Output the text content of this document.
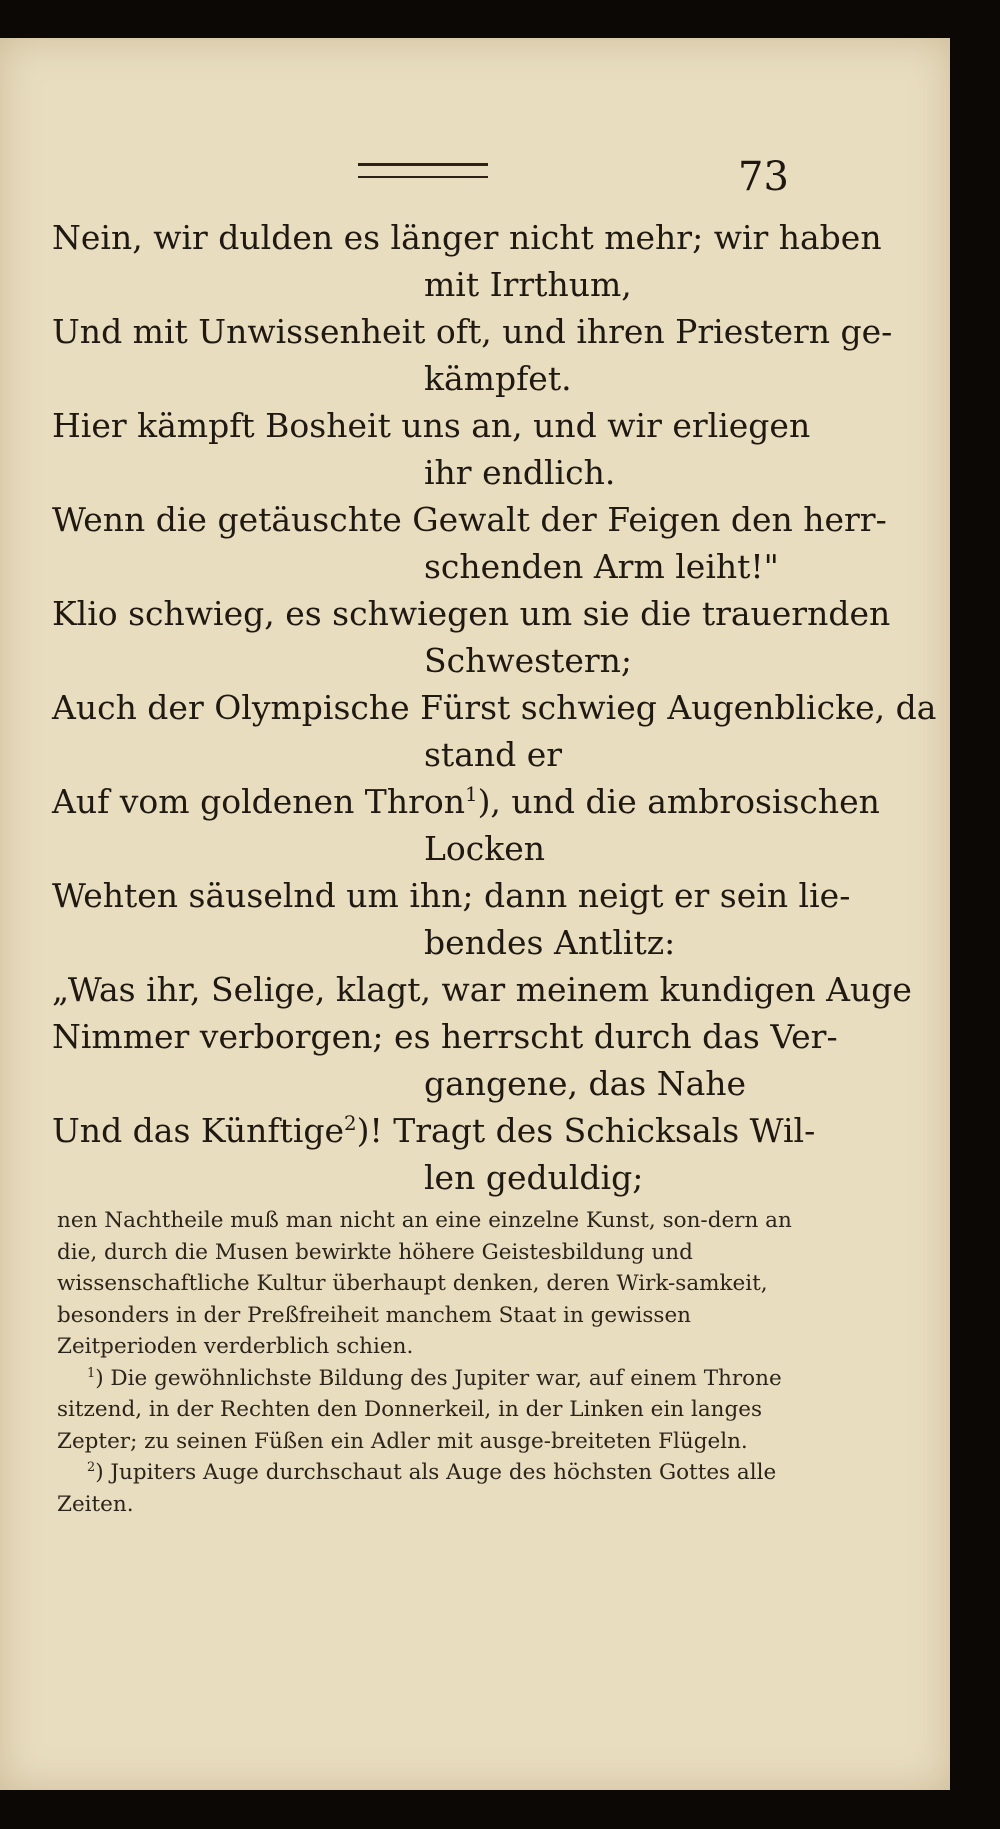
73
Nein, wir dulden es länger nicht mehr; wir haben
mit Irrthum,
Und mit Unwissenheit oft, und ihren Priestern ge-
kämpfet.
Hier kämpft Bosheit uns an, und wir erliegen
ihr endlich.
Wenn die getäuschte Gewalt der Feigen den herr-
schenden Arm leiht!"
Klio schwieg, es schwiegen um sie die trauernden
Schwestern;
Auch der Olympische Fürst schwieg Augenblicke, da
stand er
Auf vom goldenen Thron$^1$), und die ambrosischen
Locken
Wehten säuselnd um ihn; dann neigt er sein lie-
bendes Antlitz:
„Was ihr, Selige, klagt, war meinem kundigen Auge
Nimmer verborgen; es herrscht durch das Ver-
gangene, das Nahe
Und das Künftige$^2$)! Tragt des Schicksals Wil-
len geduldig;

nen Nachtheile muß man nicht an eine einzelne Kunst, son-dern an die, durch die Musen bewirkte höhere Geistesbildung und wissenschaftliche Kultur überhaupt denken, deren Wirk-samkeit, besonders in der Preßfreiheit manchem Staat in gewissen Zeitperioden verderblich schien.

$^1$) Die gewöhnlichste Bildung des Jupiter war, auf einem Throne sitzend, in der Rechten den Donnerkeil, in der Linken ein langes Zepter; zu seinen Füßen ein Adler mit ausge-breiteten Flügeln.

$^2$) Jupiters Auge durchschaut als Auge des höchsten Gottes alle Zeiten.
